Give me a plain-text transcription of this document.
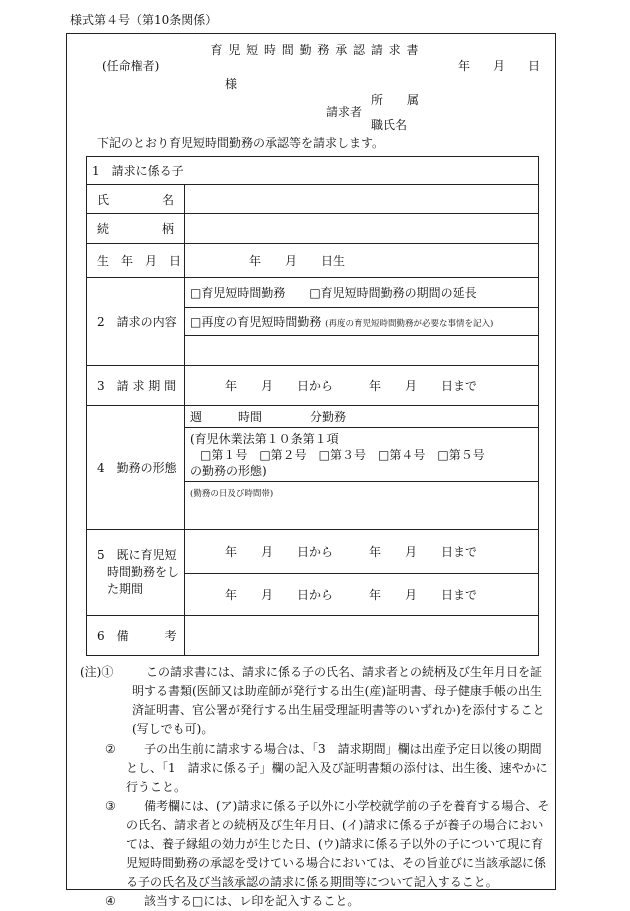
様式第４号（第10条関係）
育 児 短 時 間 勤 務 承 認 請 求 書
(任命権者)	年 月 日
様
所　属
請求者
職氏名
下記のとおり育児短時間勤務の承認等を請求します。
1　請求に係る子	

氏 名	

続 柄	

生　年　月　日	年　　月　　日生
2　請求の内容	□育児短時間勤務　　□育児短時間勤務の期間の延長
	□再度の育児短時間勤務 (再度の育児短時間勤務が必要な事情を記入)

3　請 求 期 間	年　　月　　日から　　　年　　月　　日まで
4　勤務の形態	週　　　時間　　　　分勤務

	(育児休業法第１０条第１項
□第１号　□第２号　□第３号　□第４号　□第５号
の勤務の形態)

	(勤務の日及び時間帯)

5　既に育児短
時間勤務をし
た期間	年　　月　　日から　　　年　　月　　日まで
	年　　月　　日から　　　年　　月　　日まで
6　備　　　考	
(注)①	この請求書には、請求に係る子の氏名、請求者との続柄及び生年月日を証明する書類(医師又は助産師が発行する出生(産)証明書、母子健康手帳の出生済証明書、官公署が発行する出生届受理証明書等のいずれか)を添付すること(写しでも可)。
②	子の出生前に請求する場合は、「3　請求期間」欄は出産予定日以後の期間とし、「1　請求に係る子」欄の記入及び証明書類の添付は、出生後、速やかに行うこと。
③	備考欄には、(ア)請求に係る子以外に小学校就学前の子を養育する場合、その氏名、請求者との続柄及び生年月日、(イ)請求に係る子が養子の場合においては、養子縁組の効力が生じた日、(ウ)請求に係る子以外の子について現に育児短時間勤務の承認を受けている場合においては、その旨並びに当該承認に係る子の氏名及び当該承認の請求に係る期間等について記入すること。
④	該当する□には、レ印を記入すること。
